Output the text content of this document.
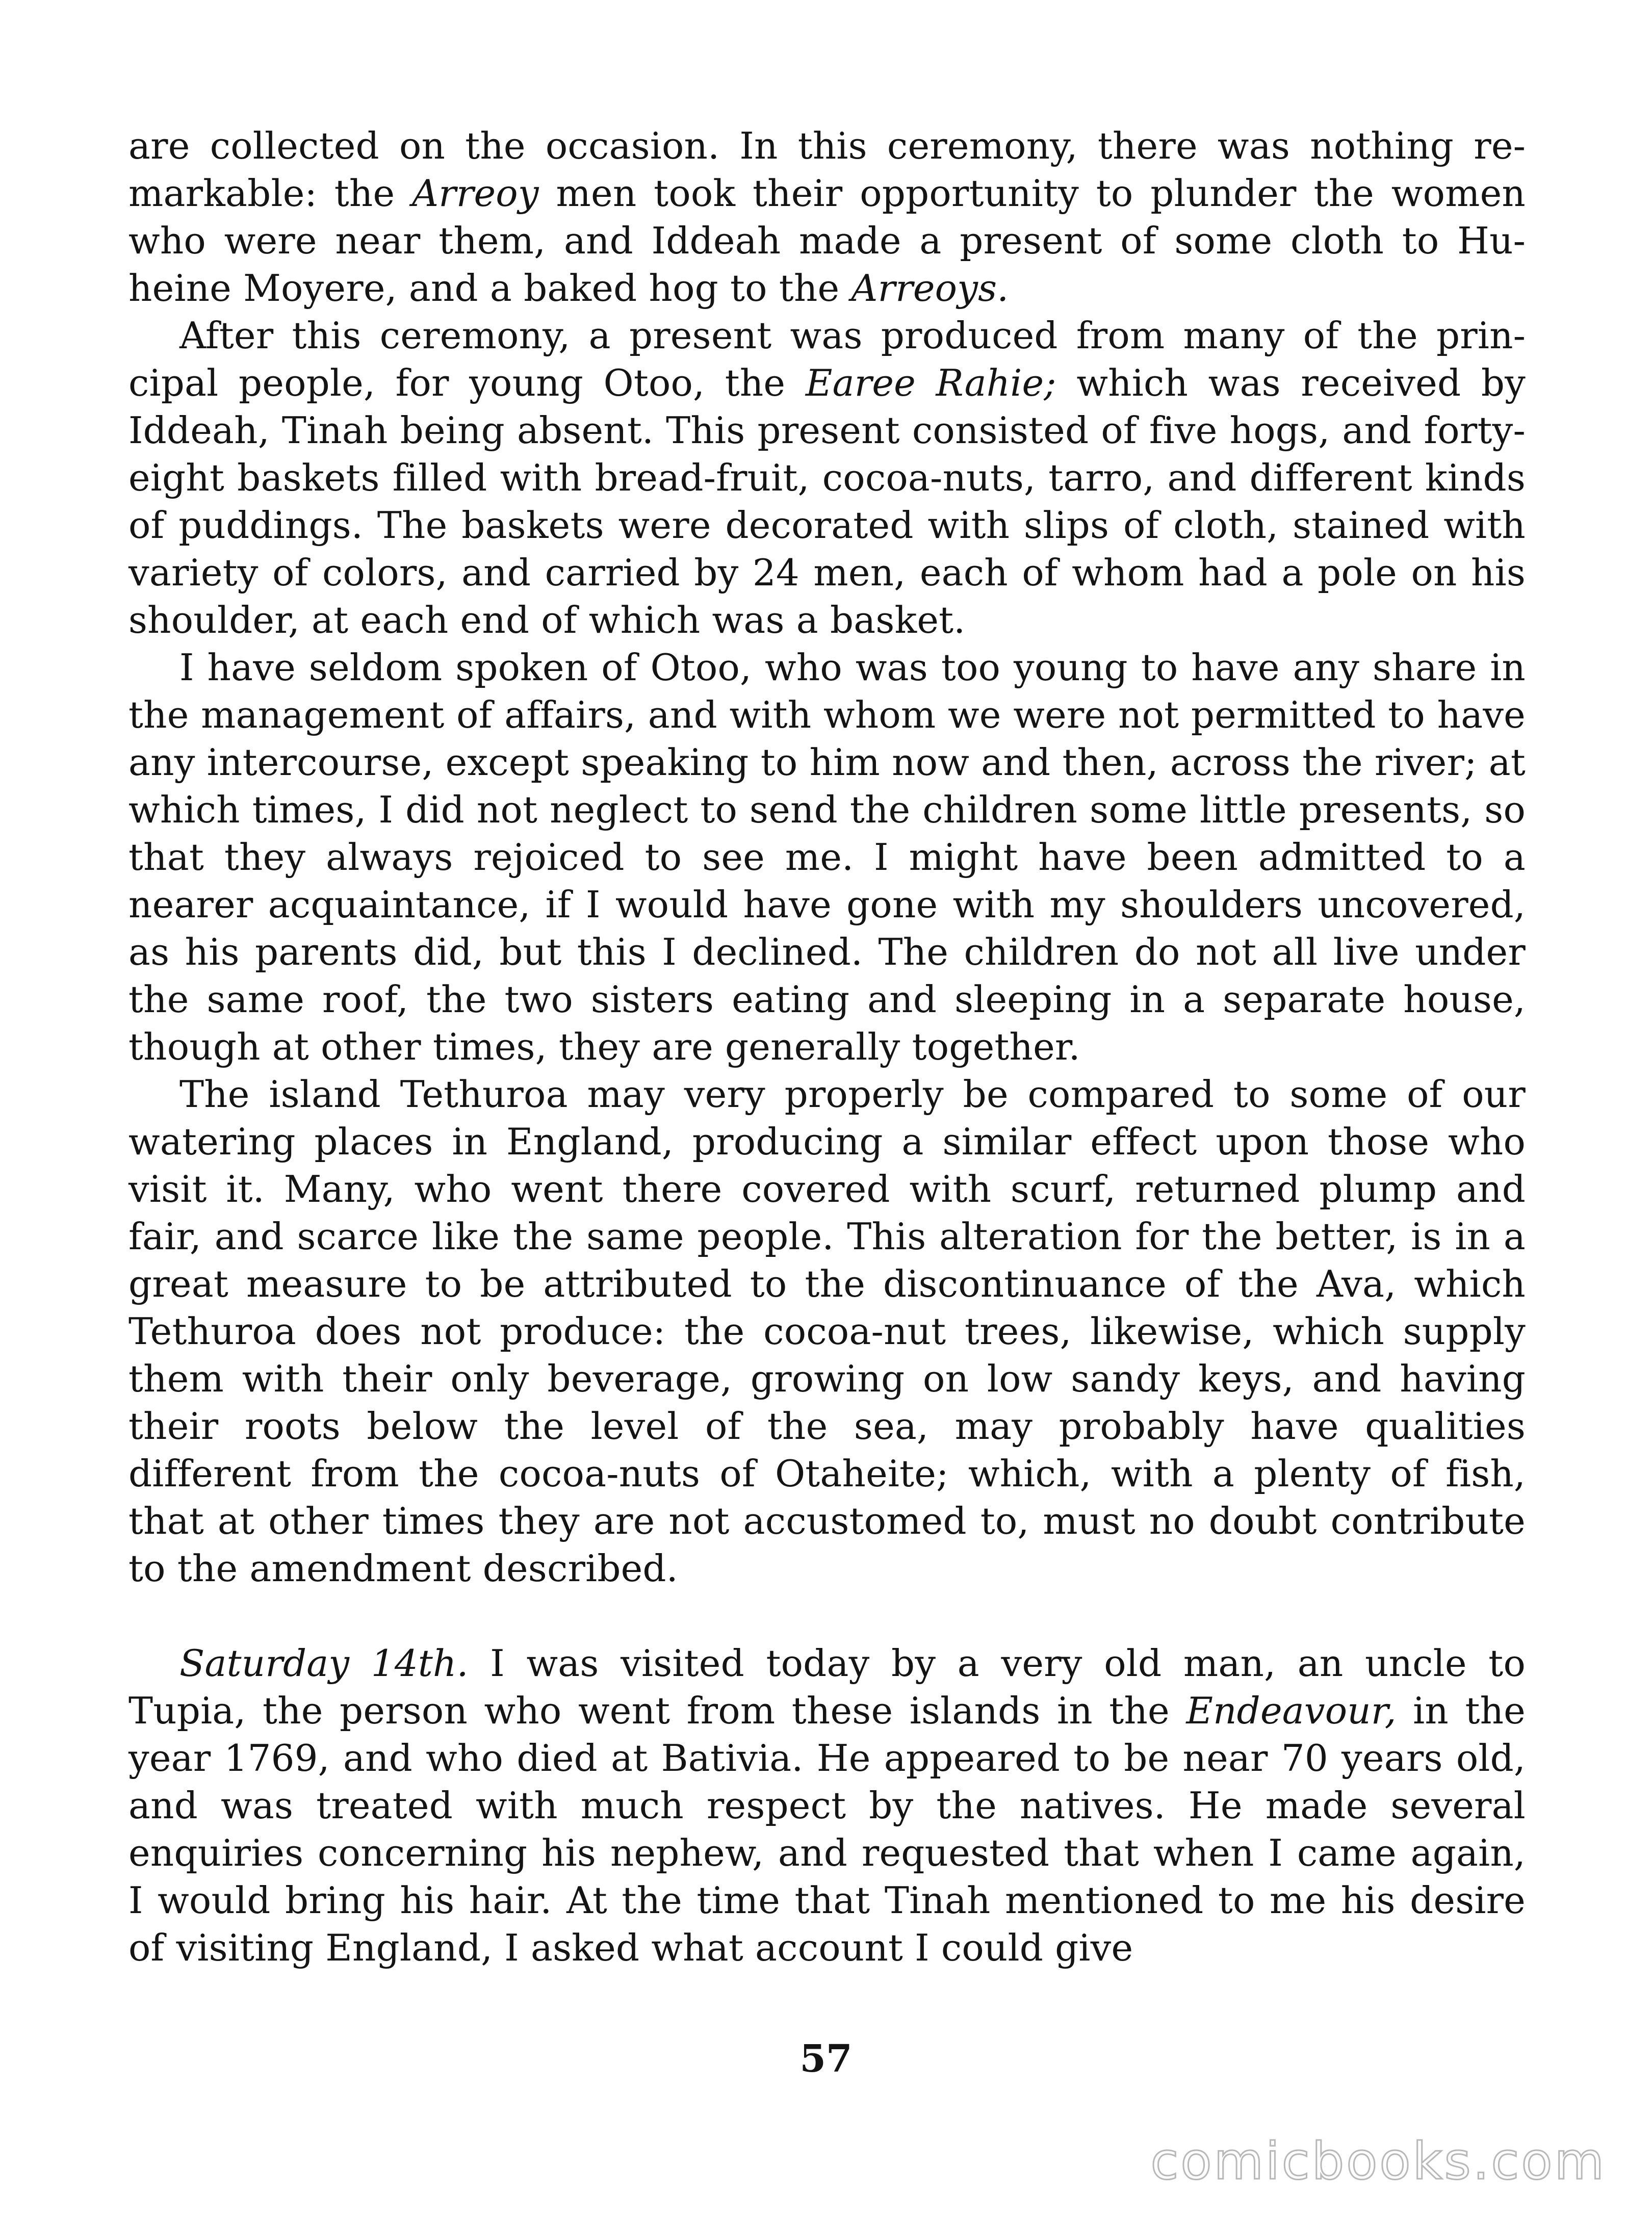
are collected on the occasion. In this ceremony, there was nothing remarkable: the Arreoy men took their opportunity to plunder the women who were near them, and Iddeah made a present of some cloth to Huheine Moyere, and a baked hog to the Arreoys.

After this ceremony, a present was produced from many of the principal people, for young Otoo, the Earee Rahie; which was received by Iddeah, Tinah being absent. This present consisted of five hogs, and forty-eight baskets filled with bread-fruit, cocoa-nuts, tarro, and different kinds of puddings. The baskets were decorated with slips of cloth, stained with variety of colors, and carried by 24 men, each of whom had a pole on his shoulder, at each end of which was a basket.

I have seldom spoken of Otoo, who was too young to have any share in the management of affairs, and with whom we were not permitted to have any intercourse, except speaking to him now and then, across the river; at which times, I did not neglect to send the children some little presents, so that they always rejoiced to see me. I might have been admitted to a nearer acquaintance, if I would have gone with my shoulders uncovered, as his parents did, but this I declined. The children do not all live under the same roof, the two sisters eating and sleeping in a separate house, though at other times, they are generally together.

The island Tethuroa may very properly be compared to some of our watering places in England, producing a similar effect upon those who visit it. Many, who went there covered with scurf, returned plump and fair, and scarce like the same people. This alteration for the better, is in a great measure to be attributed to the discontinuance of the Ava, which Tethuroa does not produce: the cocoa-nut trees, likewise, which supply them with their only beverage, growing on low sandy keys, and having their roots below the level of the sea, may probably have qualities different from the cocoa-nuts of Otaheite; which, with a plenty of fish, that at other times they are not accustomed to, must no doubt contribute to the amendment described.

Saturday 14th. I was visited today by a very old man, an uncle to Tupia, the person who went from these islands in the Endeavour, in the year 1769, and who died at Bativia. He appeared to be near 70 years old, and was treated with much respect by the natives. He made several enquiries concerning his nephew, and requested that when I came again, I would bring his hair. At the time that Tinah mentioned to me his desire of visiting England, I asked what account I could give

57
comicbooks.com
